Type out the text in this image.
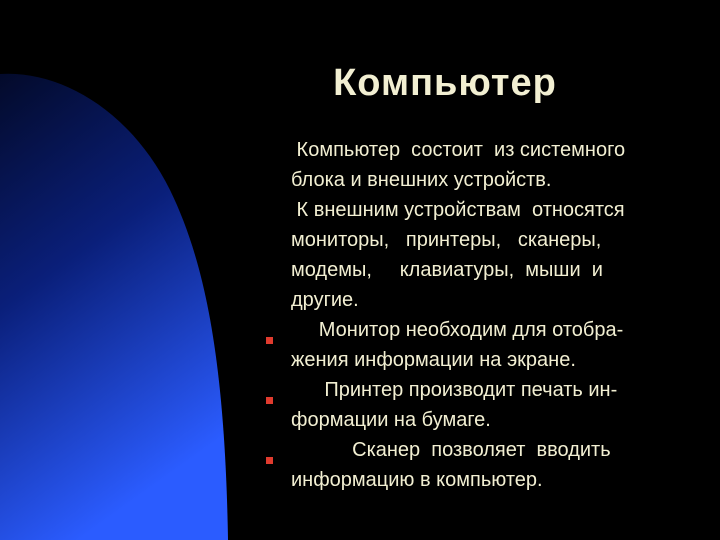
Компьютер
Компьютер  состоит  из системного
блока и внешних устройств.
К внешним устройствам  относятся
мониторы,   принтеры,   сканеры,
модемы,     клавиатуры,  мыши  и
другие.
Монитор необходим для отобра-
жения информации на экране.
Принтер производит печать ин-
формации на бумаге.
Сканер  позволяет  вводить
информацию в компьютер.
